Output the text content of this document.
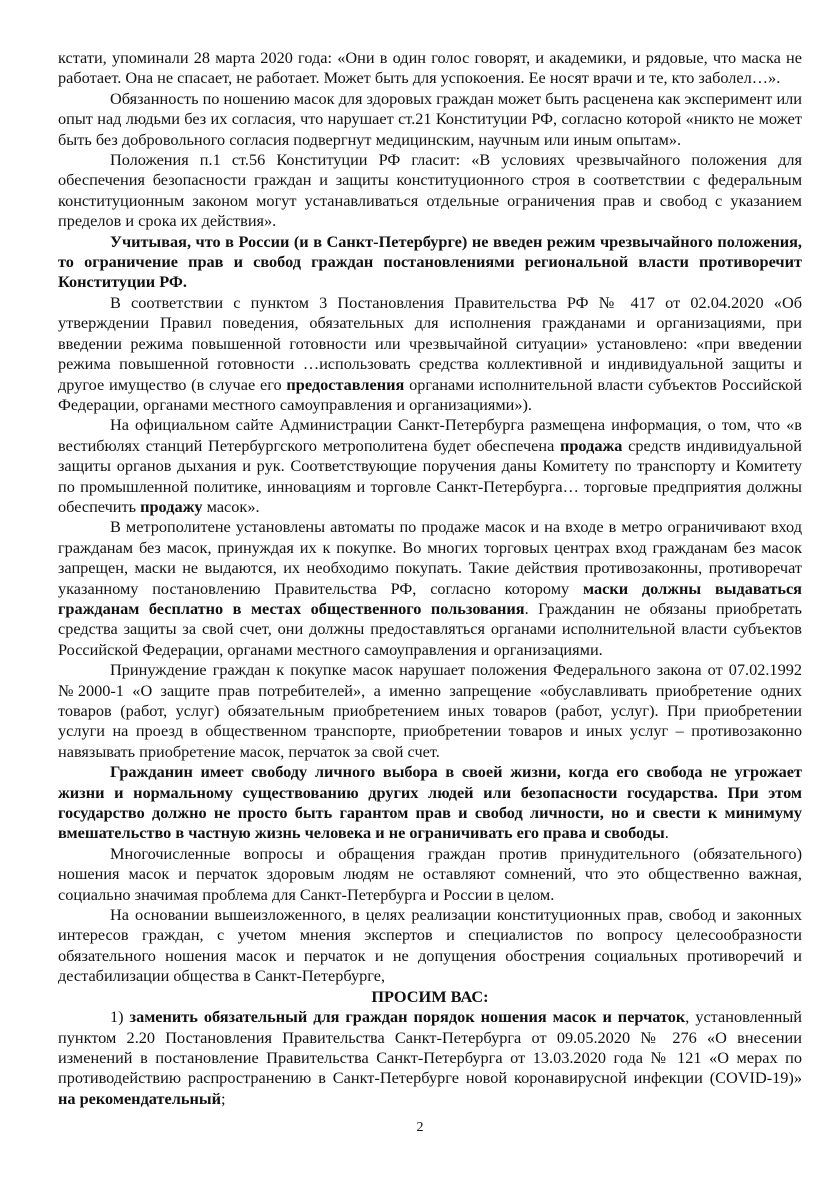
кстати, упоминали 28 марта 2020 года: «Они в один голос говорят, и академики, и рядовые, что маска не работает. Она не спасает, не работает. Может быть для успокоения. Ее носят врачи и те, кто заболел…».

Обязанность по ношению масок для здоровых граждан может быть расценена как эксперимент или опыт над людьми без их согласия, что нарушает ст.21 Конституции РФ, согласно которой «никто не может быть без добровольного согласия подвергнут медицинским, научным или иным опытам».

Положения п.1 ст.56 Конституции РФ гласит: «В условиях чрезвычайного положения для обеспечения безопасности граждан и защиты конституционного строя в соответствии с федеральным конституционным законом могут устанавливаться отдельные ограничения прав и свобод с указанием пределов и срока их действия».

Учитывая, что в России (и в Санкт-Петербурге) не введен режим чрезвычайного положения, то ограничение прав и свобод граждан постановлениями региональной власти противоречит Конституции РФ.

В соответствии с пунктом 3 Постановления Правительства РФ № 417 от 02.04.2020 «Об утверждении Правил поведения, обязательных для исполнения гражданами и организациями, при введении режима повышенной готовности или чрезвычайной ситуации» установлено: «при введении режима повышенной готовности …использовать средства коллективной и индивидуальной защиты и другое имущество (в случае его предоставления органами исполнительной власти субъектов Российской Федерации, органами местного самоуправления и организациями»).

На официальном сайте Администрации Санкт-Петербурга размещена информация, о том, что «в вестибюлях станций Петербургского метрополитена будет обеспечена продажа средств индивидуальной защиты органов дыхания и рук. Соответствующие поручения даны Комитету по транспорту и Комитету по промышленной политике, инновациям и торговле Санкт-Петербурга… торговые предприятия должны обеспечить продажу масок».

В метрополитене установлены автоматы по продаже масок и на входе в метро ограничивают вход гражданам без масок, принуждая их к покупке. Во многих торговых центрах вход гражданам без масок запрещен, маски не выдаются, их необходимо покупать. Такие действия противозаконны, противоречат указанному постановлению Правительства РФ, согласно которому маски должны выдаваться гражданам бесплатно в местах общественного пользования. Гражданин не обязаны приобретать средства защиты за свой счет, они должны предоставляться органами исполнительной власти субъектов Российской Федерации, органами местного самоуправления и организациями.

Принуждение граждан к покупке масок нарушает положения Федерального закона от 07.02.1992 №2000-1 «О защите прав потребителей», а именно запрещение «обуславливать приобретение одних товаров (работ, услуг) обязательным приобретением иных товаров (работ, услуг). При приобретении услуги на проезд в общественном транспорте, приобретении товаров и иных услуг – противозаконно навязывать приобретение масок, перчаток за свой счет.

Гражданин имеет свободу личного выбора в своей жизни, когда его свобода не угрожает жизни и нормальному существованию других людей или безопасности государства. При этом государство должно не просто быть гарантом прав и свобод личности, но и свести к минимуму вмешательство в частную жизнь человека и не ограничивать его права и свободы.

Многочисленные вопросы и обращения граждан против принудительного (обязательного) ношения масок и перчаток здоровым людям не оставляют сомнений, что это общественно важная, социально значимая проблема для Санкт-Петербурга и России в целом.

На основании вышеизложенного, в целях реализации конституционных прав, свобод и законных интересов граждан, с учетом мнения экспертов и специалистов по вопросу целесообразности обязательного ношения масок и перчаток и не допущения обострения социальных противоречий и дестабилизации общества в Санкт-Петербурге,

ПРОСИМ ВАС:

1) заменить обязательный для граждан порядок ношения масок и перчаток, установленный пунктом 2.20 Постановления Правительства Санкт-Петербурга от 09.05.2020 № 276 «О внесении изменений в постановление Правительства Санкт-Петербурга от 13.03.2020 года № 121 «О мерах по противодействию распространению в Санкт-Петербурге новой коронавирусной инфекции (COVID-19)» на рекомендательный;

2
